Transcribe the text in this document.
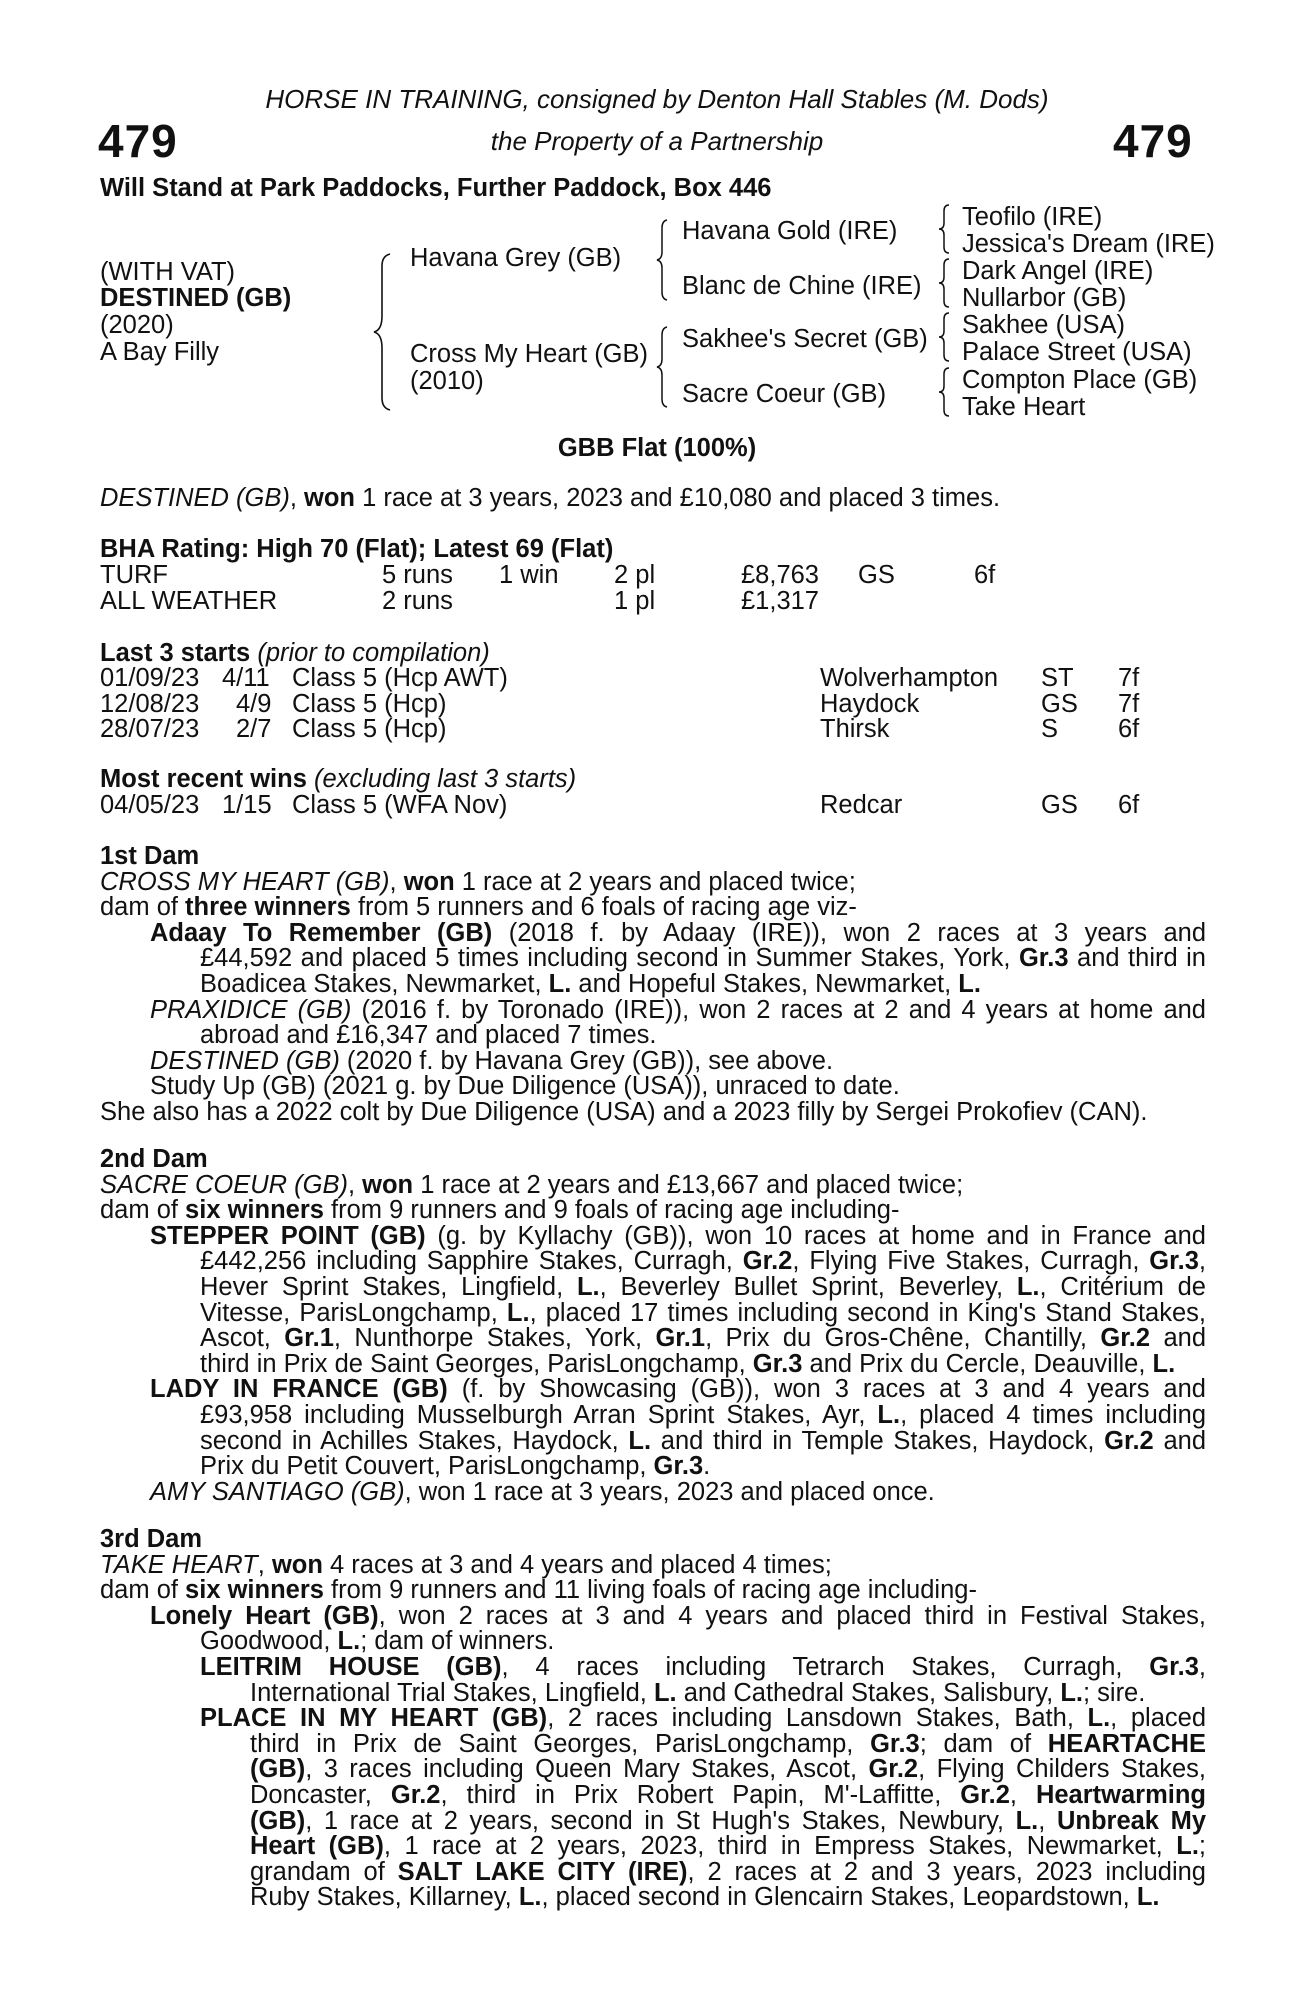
479	479
HORSE IN TRAINING, consigned by Denton Hall Stables (M. Dods)
the Property of a Partnership
Will Stand at Park Paddocks, Further Paddock, Box 446
(WITH VAT)
DESTINED (GB)
(2020)
A Bay Filly
Havana Grey (GB)
Cross My Heart (GB)
(2010)
Havana Gold (IRE)
Blanc de Chine (IRE)
Sakhee's Secret (GB)
Sacre Coeur (GB)
Teofilo (IRE)
Jessica's Dream (IRE)
Dark Angel (IRE)
Nullarbor (GB)
Sakhee (USA)
Palace Street (USA)
Compton Place (GB)
Take Heart
GBB Flat (100%)
DESTINED (GB), won 1 race at 3 years, 2023 and £10,080 and placed 3 times.
BHA Rating: High 70 (Flat); Latest 69 (Flat)
TURF	5 runs 1 win 2 pl	£8,763 GS	6f
ALL WEATHER	2 runs	1 pl	£1,317
Last 3 starts (prior to compilation)
01/09/23 4/11 Class 5 (Hcp AWT)	Wolverhampton ST 7f
12/08/23 4/9 Class 5 (Hcp)	Haydock	GS 7f
28/07/23 2/7 Class 5 (Hcp)	Thirsk	S 6f
Most recent wins (excluding last 3 starts)
04/05/23 1/15 Class 5 (WFA Nov)	Redcar	GS 6f
1st Dam
CROSS MY HEART (GB), won 1 race at 2 years and placed twice;
dam of three winners from 5 runners and 6 foals of racing age viz-
Adaay To Remember (GB) (2018 f. by Adaay (IRE)), won 2 races at 3 years and
£44,592 and placed 5 times including second in Summer Stakes, York, Gr.3 and third in
Boadicea Stakes, Newmarket, L. and Hopeful Stakes, Newmarket, L.
PRAXIDICE (GB) (2016 f. by Toronado (IRE)), won 2 races at 2 and 4 years at home and
abroad and £16,347 and placed 7 times.
DESTINED (GB) (2020 f. by Havana Grey (GB)), see above.
Study Up (GB) (2021 g. by Due Diligence (USA)), unraced to date.
She also has a 2022 colt by Due Diligence (USA) and a 2023 filly by Sergei Prokofiev (CAN).
2nd Dam
SACRE COEUR (GB), won 1 race at 2 years and £13,667 and placed twice;
dam of six winners from 9 runners and 9 foals of racing age including-
STEPPER POINT (GB) (g. by Kyllachy (GB)), won 10 races at home and in France and
£442,256 including Sapphire Stakes, Curragh, Gr.2, Flying Five Stakes, Curragh, Gr.3,
Hever Sprint Stakes, Lingfield, L., Beverley Bullet Sprint, Beverley, L., Critérium de
Vitesse, ParisLongchamp, L., placed 17 times including second in King's Stand Stakes,
Ascot, Gr.1, Nunthorpe Stakes, York, Gr.1, Prix du Gros-Chêne, Chantilly, Gr.2 and
third in Prix de Saint Georges, ParisLongchamp, Gr.3 and Prix du Cercle, Deauville, L.
LADY IN FRANCE (GB) (f. by Showcasing (GB)), won 3 races at 3 and 4 years and
£93,958 including Musselburgh Arran Sprint Stakes, Ayr, L., placed 4 times including
second in Achilles Stakes, Haydock, L. and third in Temple Stakes, Haydock, Gr.2 and
Prix du Petit Couvert, ParisLongchamp, Gr.3.
AMY SANTIAGO (GB), won 1 race at 3 years, 2023 and placed once.
3rd Dam
TAKE HEART, won 4 races at 3 and 4 years and placed 4 times;
dam of six winners from 9 runners and 11 living foals of racing age including-
Lonely Heart (GB), won 2 races at 3 and 4 years and placed third in Festival Stakes,
Goodwood, L.; dam of winners.
LEITRIM HOUSE (GB), 4 races including Tetrarch Stakes, Curragh, Gr.3,
International Trial Stakes, Lingfield, L. and Cathedral Stakes, Salisbury, L.; sire.
PLACE IN MY HEART (GB), 2 races including Lansdown Stakes, Bath, L., placed
third in Prix de Saint Georges, ParisLongchamp, Gr.3; dam of HEARTACHE
(GB), 3 races including Queen Mary Stakes, Ascot, Gr.2, Flying Childers Stakes,
Doncaster, Gr.2, third in Prix Robert Papin, M'-Laffitte, Gr.2, Heartwarming
(GB), 1 race at 2 years, second in St Hugh's Stakes, Newbury, L., Unbreak My
Heart (GB), 1 race at 2 years, 2023, third in Empress Stakes, Newmarket, L.;
grandam of SALT LAKE CITY (IRE), 2 races at 2 and 3 years, 2023 including
Ruby Stakes, Killarney, L., placed second in Glencairn Stakes, Leopardstown, L.
